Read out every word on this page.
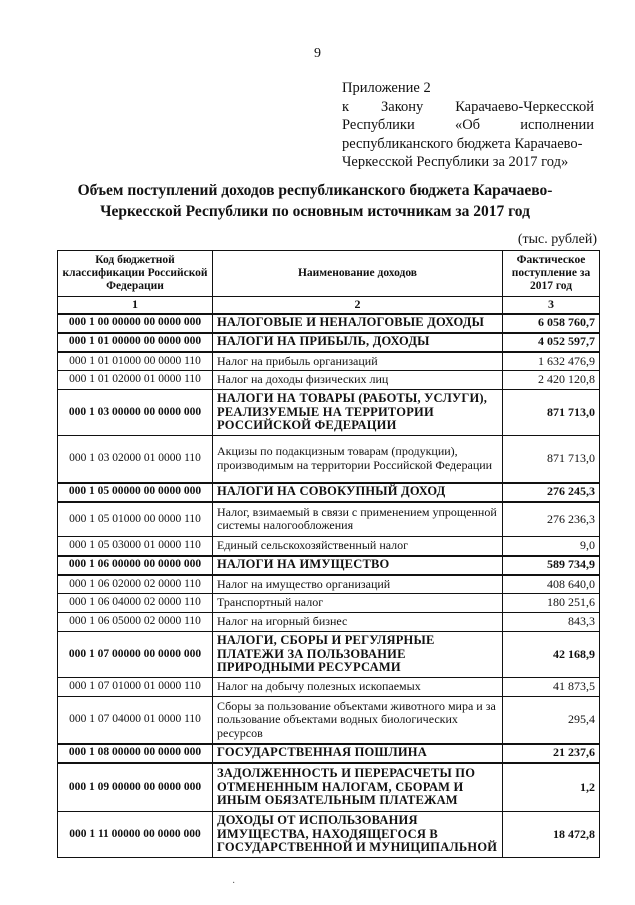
9
Приложение 2
к Закону Карачаево-Черкесской
Республики «Об исполнении
республиканского бюджета Карачаево-
Черкесской Республики за 2017 год»
Объем поступлений доходов республиканского бюджета Карачаево-
Черкесской Республики по основным источникам за 2017 год
(тыс. рублей)
Код бюджетной классификации Российской Федерации	Наименование доходов	Фактическое поступление за 2017 год
1	2	3
000 1 00 00000 00 0000 000	НАЛОГОВЫЕ И НЕНАЛОГОВЫЕ ДОХОДЫ	6 058 760,7
000 1 01 00000 00 0000 000	НАЛОГИ НА ПРИБЫЛЬ, ДОХОДЫ	4 052 597,7
000 1 01 01000 00 0000 110	Налог на прибыль организаций	1 632 476,9
000 1 01 02000 01 0000 110	Налог на доходы физических лиц	2 420 120,8
000 1 03 00000 00 0000 000	НАЛОГИ НА ТОВАРЫ (РАБОТЫ, УСЛУГИ), РЕАЛИЗУЕМЫЕ НА ТЕРРИТОРИИ РОССИЙСКОЙ ФЕДЕРАЦИИ	871 713,0
000 1 03 02000 01 0000 110	Акцизы по подакцизным товарам (продукции), производимым на территории Российской Федерации	871 713,0
000 1 05 00000 00 0000 000	НАЛОГИ НА СОВОКУПНЫЙ ДОХОД	276 245,3
000 1 05 01000 00 0000 110	Налог, взимаемый в связи с применением упрощенной системы налогообложения	276 236,3
000 1 05 03000 01 0000 110	Единый сельскохозяйственный налог	9,0
000 1 06 00000 00 0000 000	НАЛОГИ НА ИМУЩЕСТВО	589 734,9
000 1 06 02000 02 0000 110	Налог на имущество организаций	408 640,0
000 1 06 04000 02 0000 110	Транспортный налог	180 251,6
000 1 06 05000 02 0000 110	Налог на игорный бизнес	843,3
000 1 07 00000 00 0000 000	НАЛОГИ, СБОРЫ И РЕГУЛЯРНЫЕ ПЛАТЕЖИ ЗА ПОЛЬЗОВАНИЕ ПРИРОДНЫМИ РЕСУРСАМИ	42 168,9
000 1 07 01000 01 0000 110	Налог на добычу полезных ископаемых	41 873,5
000 1 07 04000 01 0000 110	Сборы за пользование объектами животного мира и за пользование объектами водных биологических ресурсов	295,4
000 1 08 00000 00 0000 000	ГОСУДАРСТВЕННАЯ ПОШЛИНА	21 237,6
000 1 09 00000 00 0000 000	ЗАДОЛЖЕННОСТЬ И ПЕРЕРАСЧЕТЫ ПО ОТМЕНЕННЫМ НАЛОГАМ, СБОРАМ И ИНЫМ ОБЯЗАТЕЛЬНЫМ ПЛАТЕЖАМ	1,2
000 1 11 00000 00 0000 000	ДОХОДЫ ОТ ИСПОЛЬЗОВАНИЯ ИМУЩЕСТВА, НАХОДЯЩЕГОСЯ В ГОСУДАРСТВЕННОЙ И МУНИЦИПАЛЬНОЙ	18 472,8
·
